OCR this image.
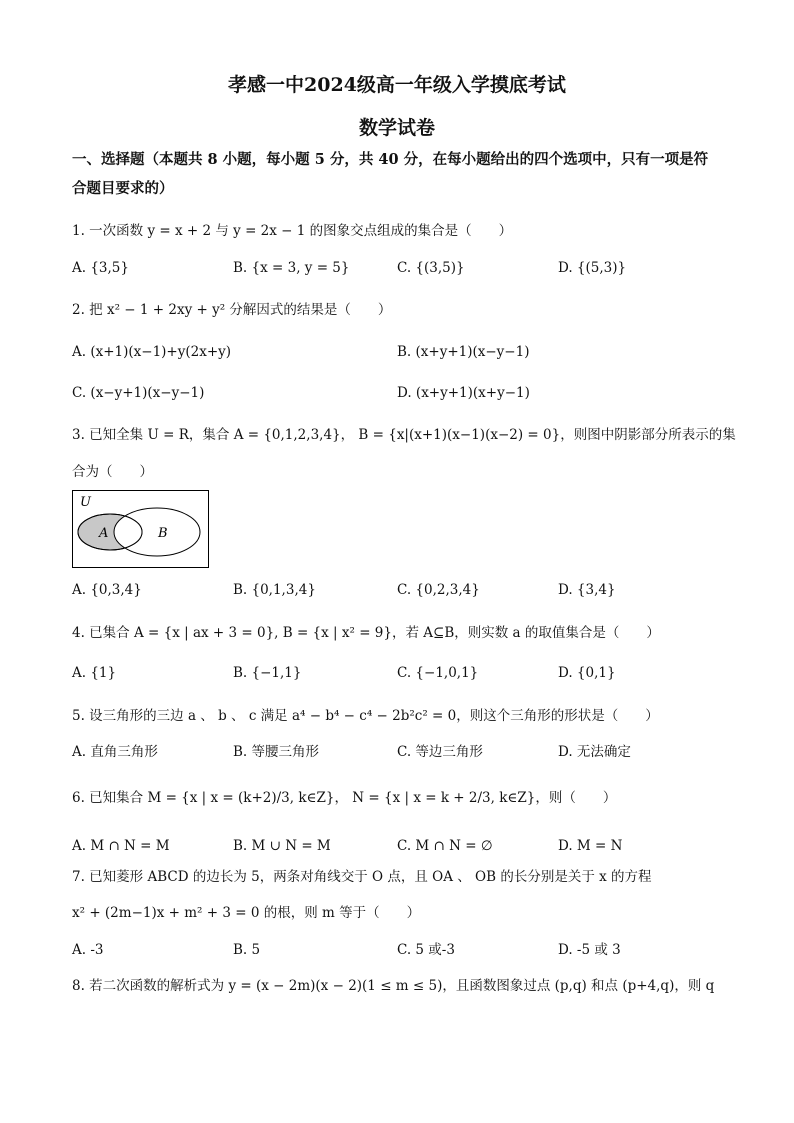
孝感一中2024级高一年级入学摸底考试
数学试卷
一、选择题（本题共 8 小题，每小题 5 分，共 40 分，在每小题给出的四个选项中，只有一项是符合题目要求的）
1. 一次函数 y = x + 2 与 y = 2x − 1 的图象交点组成的集合是（　　）
A. {3,5}	B. {x = 3, y = 5}	C. {(3,5)}	D. {(5,3)}
2. 把 x² − 1 + 2xy + y² 分解因式的结果是（　　）
A. (x+1)(x−1)+y(2x+y)	B. (x+y+1)(x−y−1)
C. (x−y+1)(x−y−1)	D. (x+y+1)(x+y−1)
3. 已知全集 U = R，集合 A = {0,1,2,3,4}， B = {x|(x+1)(x−1)(x−2) = 0}，则图中阴影部分所表示的集
合为（　　）
U
A	B
A. {0,3,4}	B. {0,1,3,4}	C. {0,2,3,4}	D. {3,4}
4. 已集合 A = {x | ax + 3 = 0}, B = {x | x² = 9}，若 A⊆B，则实数 a 的取值集合是（　　）
A. {1}	B. {−1,1}	C. {−1,0,1}	D. {0,1}
5. 设三角形的三边 a 、 b 、 c 满足 a⁴ − b⁴ − c⁴ − 2b²c² = 0，则这个三角形的形状是（　　）
A. 直角三角形	B. 等腰三角形	C. 等边三角形	D. 无法确定
6. 已知集合 M = {x | x = (k+2)/3, k∈Z}， N = {x | x = k + 2/3, k∈Z}，则（　　）
A. M ∩ N = M	B. M ∪ N = M	C. M ∩ N = ∅	D. M = N
7. 已知菱形 ABCD 的边长为 5，两条对角线交于 O 点，且 OA 、 OB 的长分别是关于 x 的方程
x² + (2m−1)x + m² + 3 = 0 的根，则 m 等于（　　）
A. -3	B. 5	C. 5 或-3	D. -5 或 3
8. 若二次函数的解析式为 y = (x − 2m)(x − 2)(1 ≤ m ≤ 5)，且函数图象过点 (p,q) 和点 (p+4,q)，则 q
